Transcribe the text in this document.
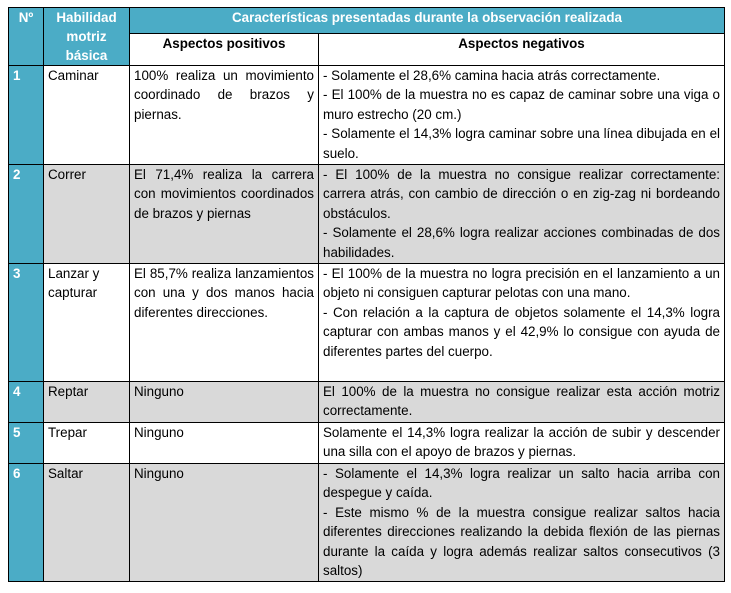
Nº	Habilidad motriz básica	Características presentadas durante la observación realizada	
		Aspectos positivos	Aspectos negativos
1	Caminar	100% realiza un movimiento coordinado de brazos y piernas.	- Solamente el 28,6% camina hacia atrás correctamente.
- El 100% de la muestra no es capaz de caminar sobre una viga o muro estrecho (20 cm.)
- Solamente el 14,3% logra caminar sobre una línea dibujada en el suelo.

2	Correr	El 71,4% realiza la carrera con movimientos coordinados de brazos y piernas	- El 100% de la muestra no consigue realizar correctamente: carrera atrás, con cambio de dirección o en zig-zag ni bordeando obstáculos.
- Solamente el 28,6% logra realizar acciones combinadas de dos habilidades.

3	Lanzar y capturar	El 85,7% realiza lanzamientos con una y dos manos hacia diferentes direcciones.	- El 100% de la muestra no logra precisión en el lanzamiento a un objeto ni consiguen capturar pelotas con una mano.
- Con relación a la captura de objetos solamente el 14,3% logra capturar con ambas manos y el 42,9% lo consigue con ayuda de diferentes partes del cuerpo.

4	Reptar	Ninguno	El 100% de la muestra no consigue realizar esta acción motriz correctamente.

5	Trepar	Ninguno	Solamente el 14,3% logra realizar la acción de subir y descender una silla con el apoyo de brazos y piernas.

6	Saltar	Ninguno	- Solamente el 14,3% logra realizar un salto hacia arriba con despegue y caída.
- Este mismo % de la muestra consigue realizar saltos hacia diferentes direcciones realizando la debida flexión de las piernas durante la caída y logra además realizar saltos consecutivos (3 saltos)
